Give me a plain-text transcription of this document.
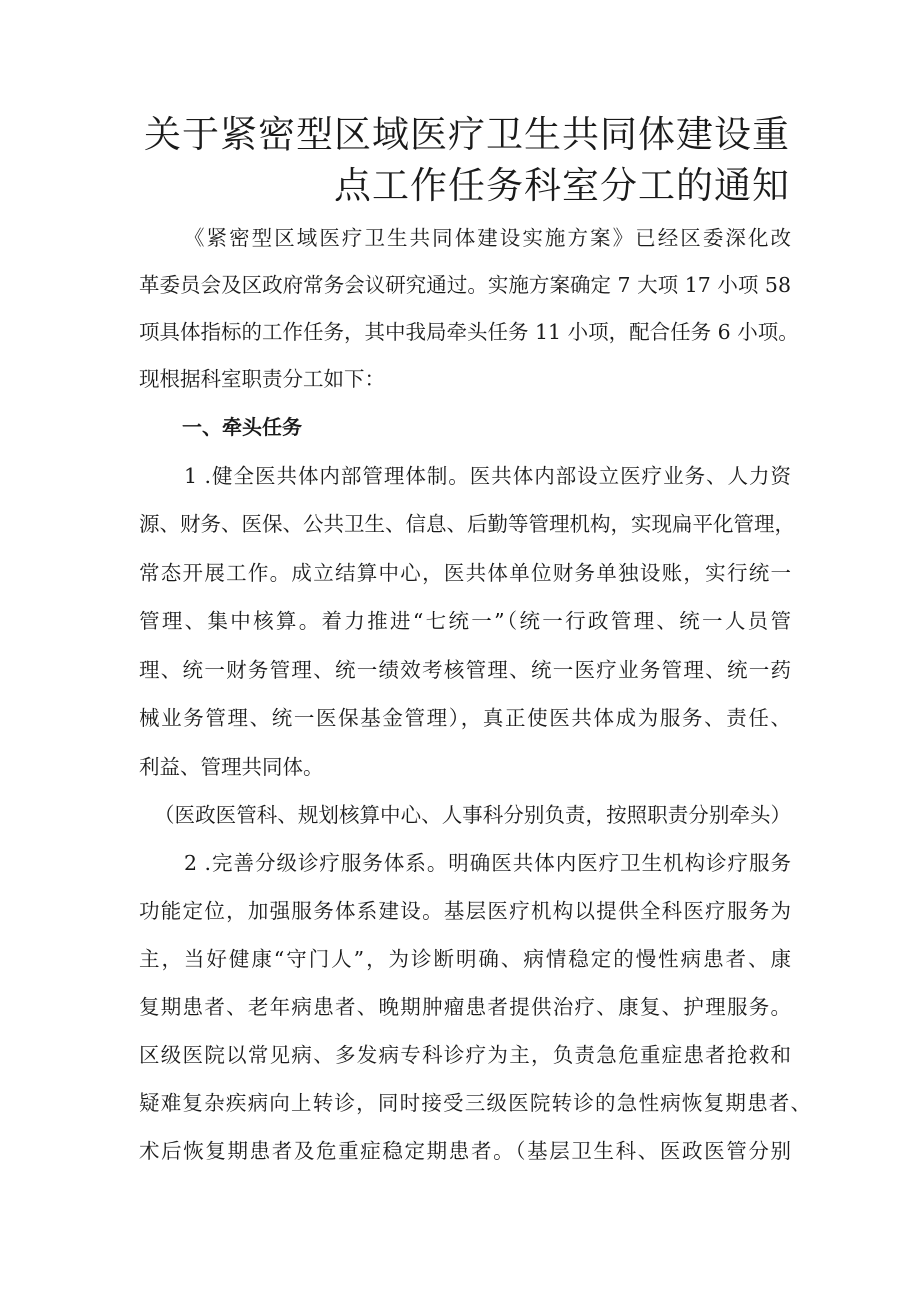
关于紧密型区域医疗卫生共同体建设重
点工作任务科室分工的通知
《紧密型区域医疗卫生共同体建设实施方案》已经区委深化改
革委员会及区政府常务会议研究通过。实施方案确定 7 大项 17 小项 58
项具体指标的工作任务，其中我局牵头任务 11 小项，配合任务 6 小项。
现根据科室职责分工如下：
一、牵头任务
1 .健全医共体内部管理体制。医共体内部设立医疗业务、人力资
源、财务、医保、公共卫生、信息、后勤等管理机构，实现扁平化管理，
常态开展工作。成立结算中心，医共体单位财务单独设账，实行统一
管理、集中核算。着力推进“七统一”（统一行政管理、统一人员管
理、统一财务管理、统一绩效考核管理、统一医疗业务管理、统一药
械业务管理、统一医保基金管理），真正使医共体成为服务、责任、
利益、管理共同体。
（医政医管科、规划核算中心、人事科分别负责，按照职责分别牵头）
2 .完善分级诊疗服务体系。明确医共体内医疗卫生机构诊疗服务
功能定位，加强服务体系建设。基层医疗机构以提供全科医疗服务为
主，当好健康“守门人”，为诊断明确、病情稳定的慢性病患者、康
复期患者、老年病患者、晚期肿瘤患者提供治疗、康复、护理服务。
区级医院以常见病、多发病专科诊疗为主，负责急危重症患者抢救和
疑难复杂疾病向上转诊，同时接受三级医院转诊的急性病恢复期患者、
术后恢复期患者及危重症稳定期患者。（基层卫生科、医政医管分别
